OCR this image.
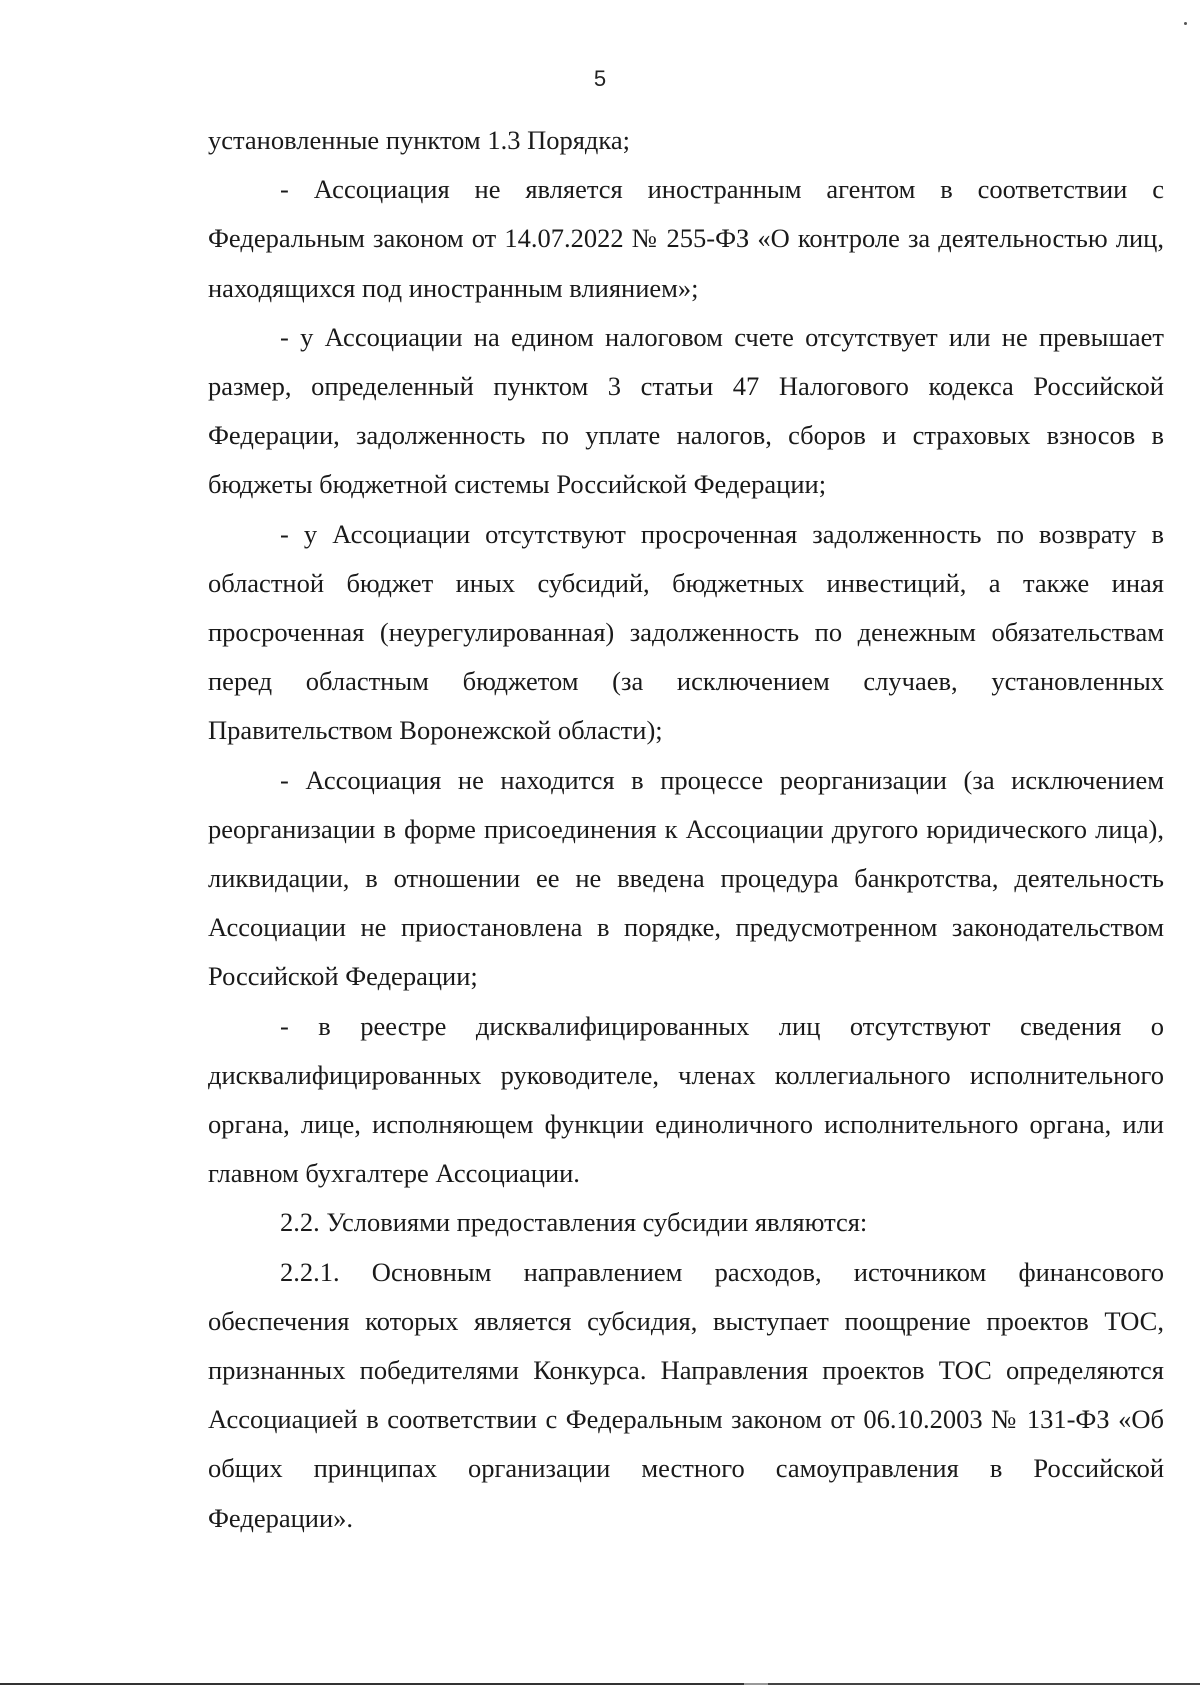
5

установленные пунктом 1.3 Порядка;

- Ассоциация не является иностранным агентом в соответствии с Федеральным законом от 14.07.2022 № 255-ФЗ «О контроле за деятельностью лиц, находящихся под иностранным влиянием»;

- у Ассоциации на едином налоговом счете отсутствует или не превышает размер, определенный пунктом 3 статьи 47 Налогового кодекса Российской Федерации, задолженность по уплате налогов, сборов и страховых взносов в бюджеты бюджетной системы Российской Федерации;

- у Ассоциации отсутствуют просроченная задолженность по возврату в областной бюджет иных субсидий, бюджетных инвестиций, а также иная просроченная (неурегулированная) задолженность по денежным обязательствам перед областным бюджетом (за исключением случаев, установленных Правительством Воронежской области);

- Ассоциация не находится в процессе реорганизации (за исключением реорганизации в форме присоединения к Ассоциации другого юридического лица), ликвидации, в отношении ее не введена процедура банкротства, деятельность Ассоциации не приостановлена в порядке, предусмотренном законодательством Российской Федерации;

- в реестре дисквалифицированных лиц отсутствуют сведения о дисквалифицированных руководителе, членах коллегиального исполнительного органа, лице, исполняющем функции единоличного исполнительного органа, или главном бухгалтере Ассоциации.

2.2. Условиями предоставления субсидии являются:

2.2.1. Основным направлением расходов, источником финансового обеспечения которых является субсидия, выступает поощрение проектов ТОС, признанных победителями Конкурса. Направления проектов ТОС определяются Ассоциацией в соответствии с Федеральным законом от 06.10.2003 № 131-ФЗ «Об общих принципах организации местного самоуправления в Российской Федерации».
